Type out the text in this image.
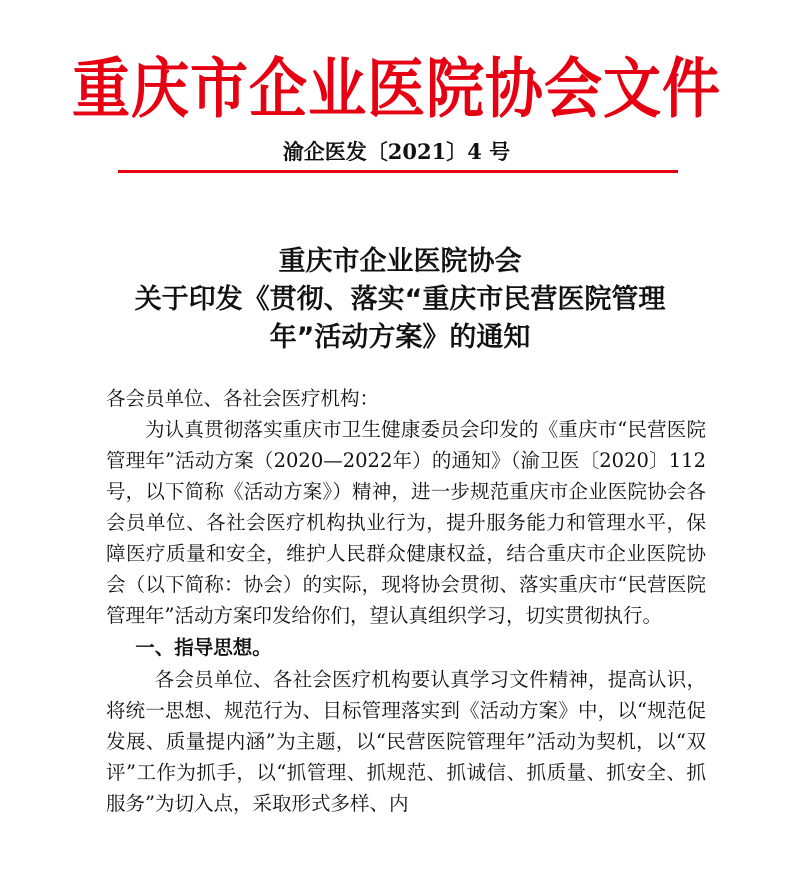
重庆市企业医院协会文件
渝企医发〔2021〕4 号
重庆市企业医院协会
关于印发《贯彻、落实“重庆市民营医院管理
年”活动方案》的通知

各会员单位、各社会医疗机构：

为认真贯彻落实重庆市卫生健康委员会印发的《重庆市“民营医院管理年”活动方案（2020—2022年）的通知》（渝卫医〔2020〕112号，以下简称《活动方案》）精神，进一步规范重庆市企业医院协会各会员单位、各社会医疗机构执业行为，提升服务能力和管理水平，保障医疗质量和安全，维护人民群众健康权益，结合重庆市企业医院协会（以下简称：协会）的实际，现将协会贯彻、落实重庆市“民营医院管理年”活动方案印发给你们，望认真组织学习，切实贯彻执行。

一、指导思想。

各会员单位、各社会医疗机构要认真学习文件精神，提高认识，将统一思想、规范行为、目标管理落实到《活动方案》中，以“规范促发展、质量提内涵”为主题，以“民营医院管理年”活动为契机，以“双评”工作为抓手，以“抓管理、抓规范、抓诚信、抓质量、抓安全、抓服务”为切入点，采取形式多样、内
